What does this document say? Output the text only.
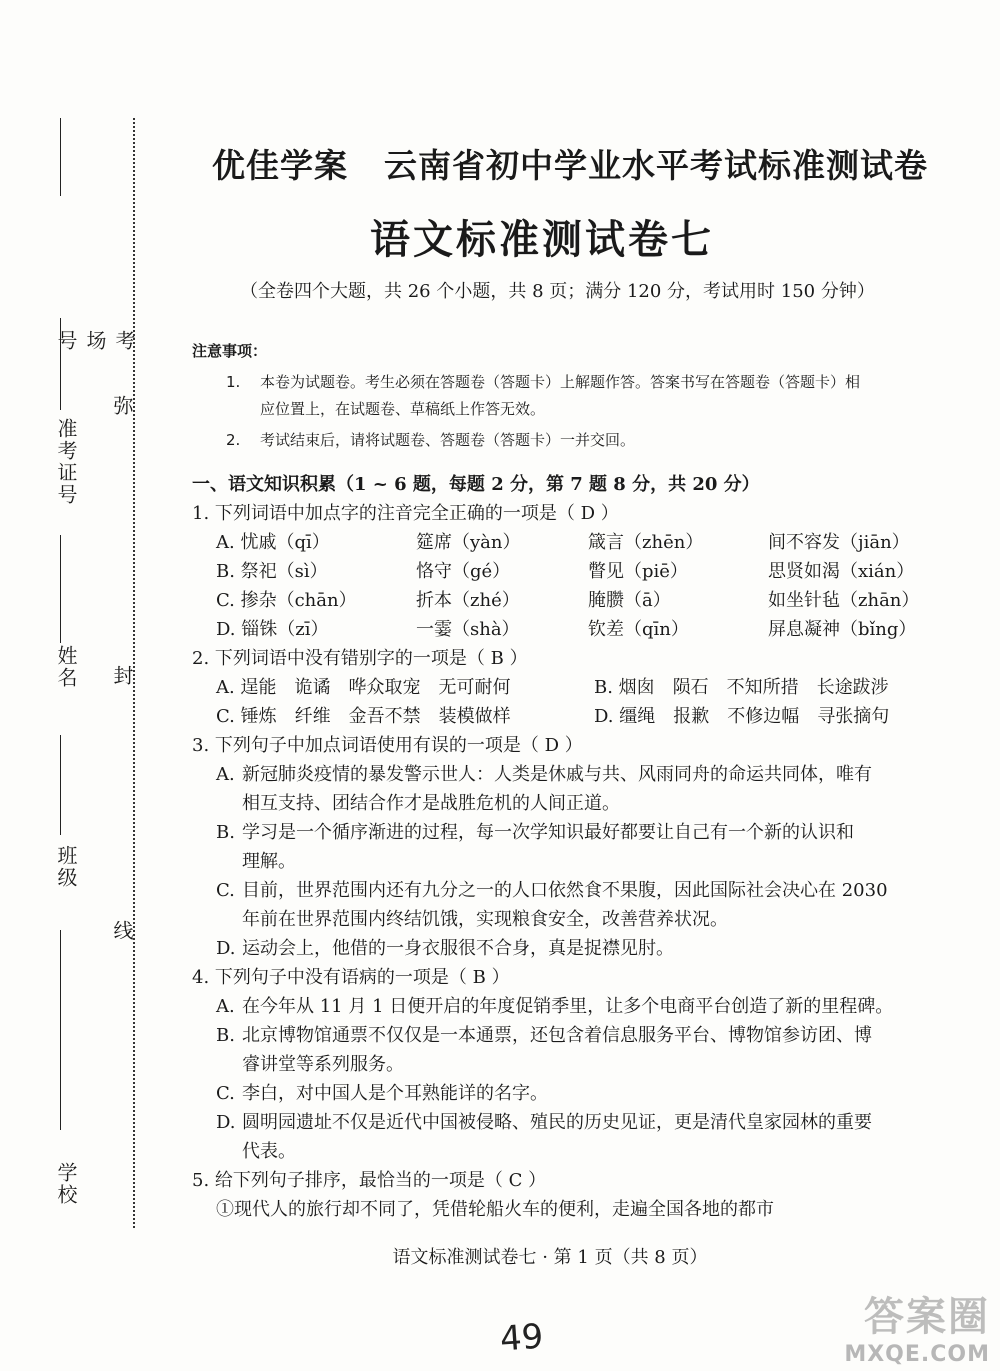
考场号
准考证号
姓名
班级
学校
弥
封
线
优佳学案 云南省初中学业水平考试标准测试卷
语文标准测试卷七
（全卷四个大题，共 26 个小题，共 8 页；满分 120 分，考试用时 150 分钟）
注意事项：
1.	本卷为试题卷。考生必须在答题卷（答题卡）上解题作答。答案书写在答题卷（答题卡）相
应位置上，在试题卷、草稿纸上作答无效。
2.	考试结束后，请将试题卷、答题卷（答题卡）一并交回。
一、语文知识积累（1 ~ 6 题，每题 2 分，第 7 题 8 分，共 20 分）
1. 下列词语中加点字的注音完全正确的一项是（ D ）
A. 忧戚（qī）	筵席（yàn）	箴言（zhēn）	间不容发（jiān）
B. 祭祀（sì）	恪守（gé）	瞥见（piē）	思贤如渴（xián）
C. 掺杂（chān）	折本（zhé）	腌臜（ā）	如坐针毡（zhān）
D. 锱铢（zī）	一霎（shà）	钦差（qīn）	屏息凝神（bǐng）
2. 下列词语中没有错别字的一项是（ B ）
A. 逞能　诡谲　哗众取宠　无可耐何	B. 烟囱　陨石　不知所措　长途跋涉
C. 锤炼　纤维　金吾不禁　装模做样	D. 缰绳　报歉　不修边幅　寻张摘句
3. 下列句子中加点词语使用有误的一项是（ D ）
A. 新冠肺炎疫情的暴发警示世人：人类是休戚与共、风雨同舟的命运共同体，唯有
相互支持、团结合作才是战胜危机的人间正道。
B. 学习是一个循序渐进的过程，每一次学知识最好都要让自己有一个新的认识和
理解。
C. 目前，世界范围内还有九分之一的人口依然食不果腹，因此国际社会决心在 2030
年前在世界范围内终结饥饿，实现粮食安全，改善营养状况。
D. 运动会上，他借的一身衣服很不合身，真是捉襟见肘。
4. 下列句子中没有语病的一项是（ B ）
A. 在今年从 11 月 1 日便开启的年度促销季里，让多个电商平台创造了新的里程碑。
B. 北京博物馆通票不仅仅是一本通票，还包含着信息服务平台、博物馆参访团、博
睿讲堂等系列服务。
C. 李白，对中国人是个耳熟能详的名字。
D. 圆明园遗址不仅是近代中国被侵略、殖民的历史见证，更是清代皇家园林的重要
代表。
5. 给下列句子排序，最恰当的一项是（ C ）
①现代人的旅行却不同了，凭借轮船火车的便利，走遍全国各地的都市
语文标准测试卷七 · 第 1 页（共 8 页）
49	答案圈
MXQE.COM
